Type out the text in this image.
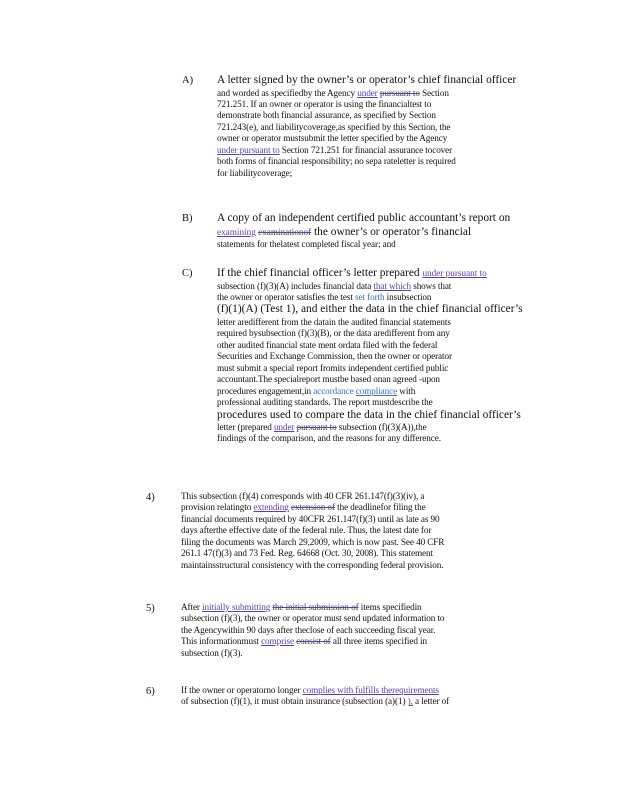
A) A letter signed by the owner’s or operator’s chief financial officer
and worded as specifiedby the Agency under pursuant to Section
721.251. If an owner or operator is using the financialtest to
demonstrate both financial assurance, as specified by Section
721.243(e), and liabilitycoverage,as specified by this Section, the
owner or operator mustsubmit the letter specified by the Agency
under pursuant to Section 721.251 for financial assurance tocover
both forms of financial responsibility; no sepa rateletter is required
for liabilitycoverage;
B) A copy of an independent certified public accountant’s report on
examining examinationof the owner’s or operator’s financial
statements for thelatest completed fiscal year; and
C) If the chief financial officer’s letter prepared under pursuant to
subsection (f)(3)(A) includes financial data that which shows that
the owner or operator satisfies the test set forth insubsection
(f)(1)(A) (Test 1), and either the data in the chief financial officer’s
letter aredifferent from the datain the audited financial statements
required bysubsection (f)(3)(B), or the data aredifferent from any
other audited financial state ment ordata filed with the federal
Securities and Exchange Commission, then the owner or operator
must submit a special report fromits independent certified public
accountant.The specialreport mustbe based onan agreed -upon
procedures engagement,in accordance compliance with
professional auditing standards. The report mustdescribe the
procedures used to compare the data in the chief financial officer’s
letter (prepared under pursuant to subsection (f)(3)(A)),the
findings of the comparison, and the reasons for any difference.
4)	This subsection (f)(4) corresponds with 40 CFR 261.147(f)(3)(iv), a
provision relatingto extending extension of the deadlinefor filing the
financial documents required by 40CFR 261.147(f)(3) until as late as 90
days afterthe effective date of the federal rule. Thus, the latest date for
filing the documents was March 29,2009, which is now past. See 40 CFR
261.1 47(f)(3) and 73 Fed. Reg. 64668 (Oct. 30, 2008). This statement
maintainsstructural consistency with the corresponding federal provision.
5)	After initially submitting the initial submission of items specifiedin
subsection (f)(3), the owner or operator must send updated information to
the Agencywithin 90 days after theclose of each succeeding fiscal year.
This informationmust comprise consist of all three items specified in
subsection (f)(3).
6)	If the owner or operatorno longer complies with fulfills therequirements
of subsection (f)(1), it must obtain insurance (subsection (a)(1) ), a letter of
